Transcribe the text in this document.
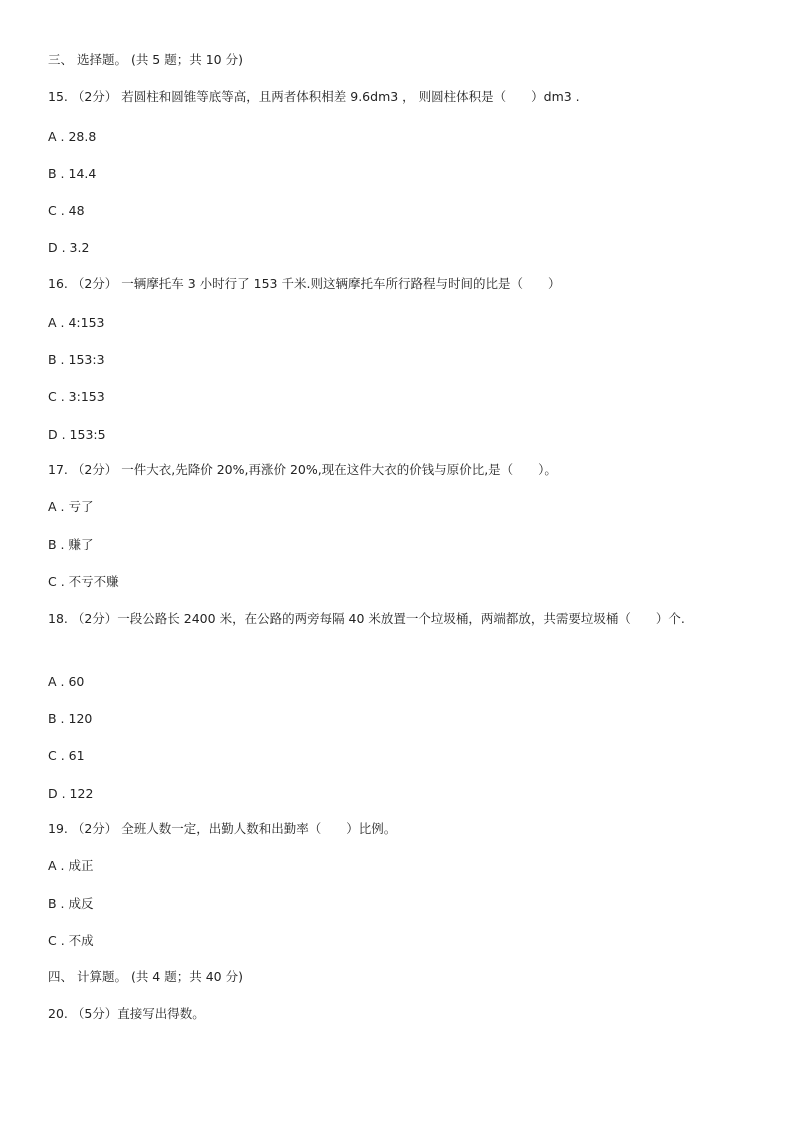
三、 选择题。 (共 5 题；共 10 分)
15. （2分） 若圆柱和圆锥等底等高，且两者体积相差 9.6dm3 ， 则圆柱体积是（　　）dm3 .
A . 28.8
B . 14.4
C . 48
D . 3.2
16. （2分） 一辆摩托车 3 小时行了 153 千米.则这辆摩托车所行路程与时间的比是（　　）
A . 4:153
B . 153:3
C . 3:153
D . 153:5
17. （2分） 一件大衣,先降价 20%,再涨价 20%,现在这件大衣的价钱与原价比,是（　　）。
A . 亏了
B . 赚了
C . 不亏不赚
18. （2分）一段公路长 2400 米，在公路的两旁每隔 40 米放置一个垃圾桶，两端都放，共需要垃圾桶（　　）个.
A . 60
B . 120
C . 61
D . 122
19. （2分） 全班人数一定，出勤人数和出勤率（　　）比例。
A . 成正
B . 成反
C . 不成
四、 计算题。 (共 4 题；共 40 分)
20. （5分）直接写出得数。
